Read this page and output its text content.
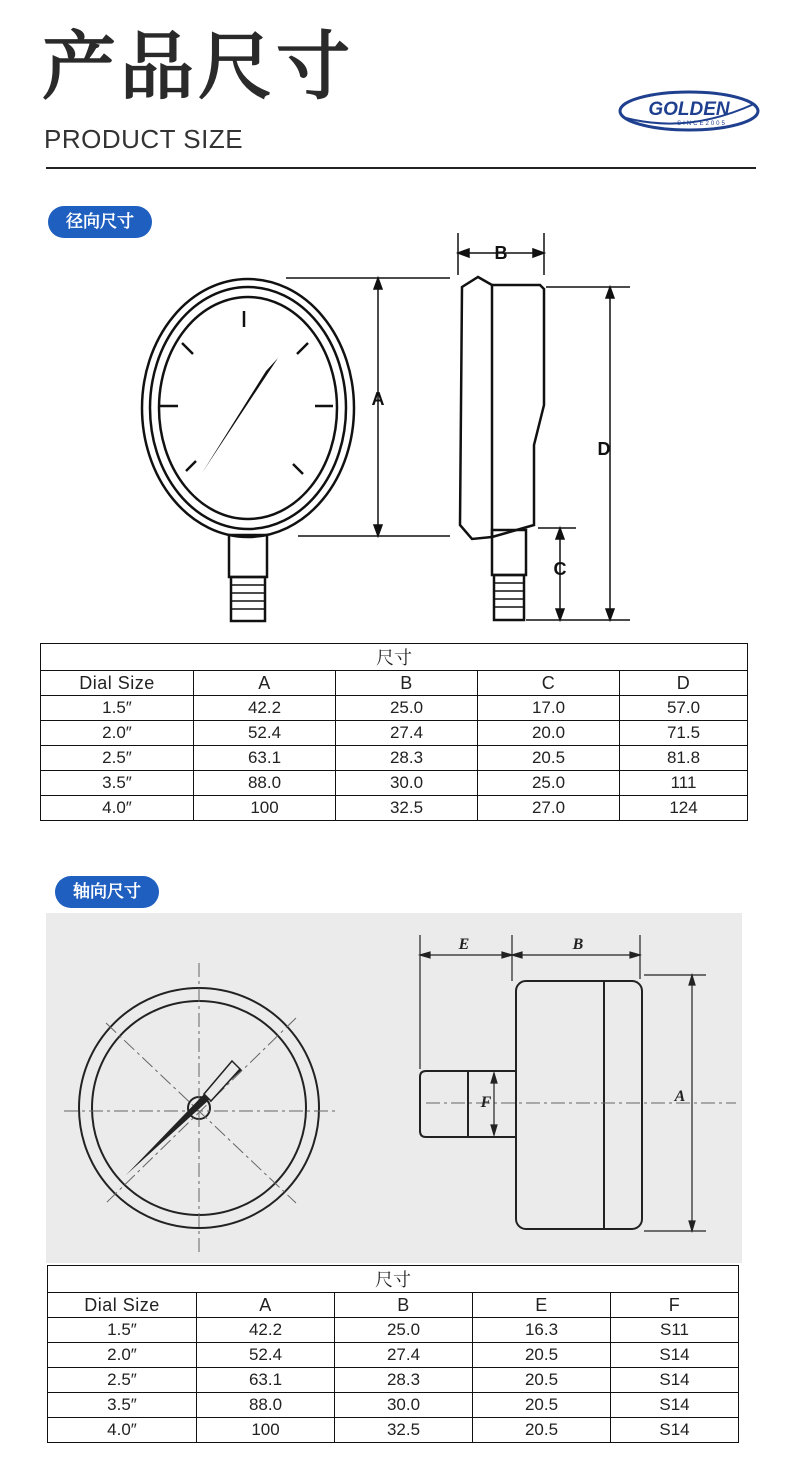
产品尺寸
PRODUCT SIZE
GOLDEN
SINCE2005
径向尺寸
A
B
C
D
尺寸				
Dial Size	A	B	C	D
1.5″	42.2	25.0	17.0	57.0
2.0″	52.4	27.4	20.0	71.5
2.5″	63.1	28.3	20.5	81.8
3.5″	88.0	30.0	25.0	111
4.0″	100	32.5	27.0	124
轴向尺寸
E	B
F	A
尺寸				
Dial Size	A	B	E	F
1.5″	42.2	25.0	16.3	S11
2.0″	52.4	27.4	20.5	S14
2.5″	63.1	28.3	20.5	S14
3.5″	88.0	30.0	20.5	S14
4.0″	100	32.5	20.5	S14
